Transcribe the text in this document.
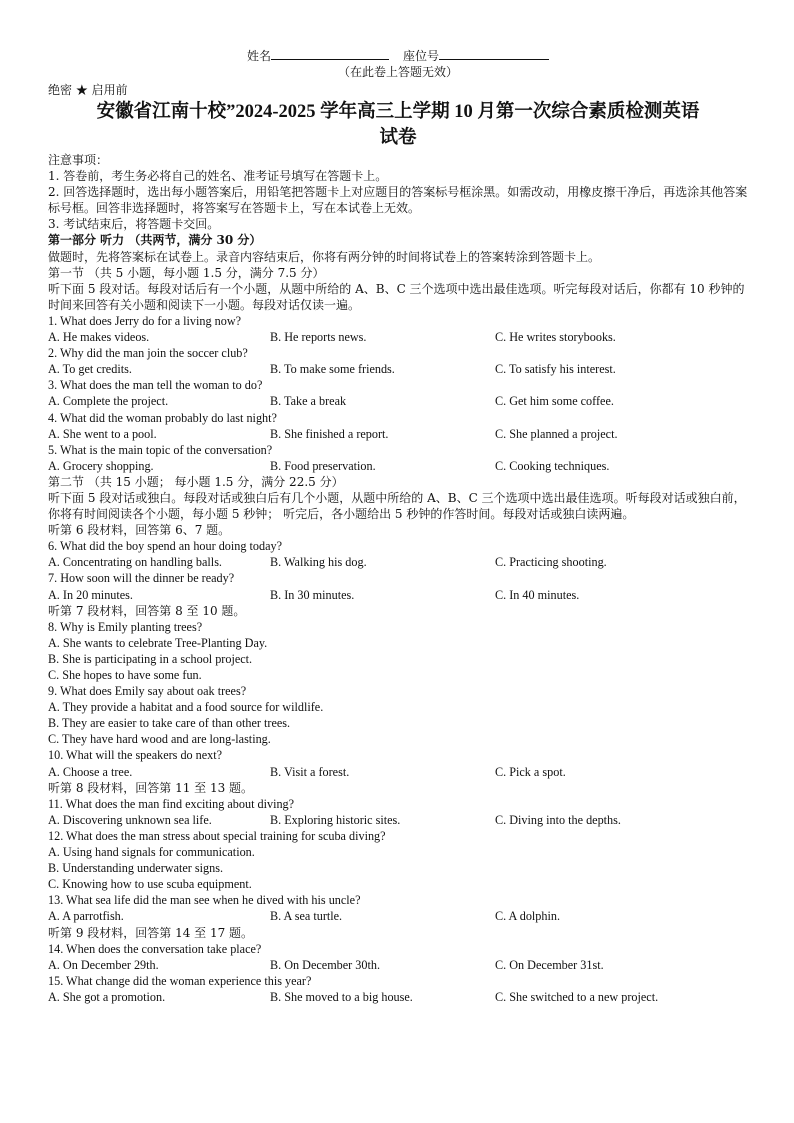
姓名	座位号
（在此卷上答题无效）
绝密 ★ 启用前
安徽省江南十校”2024-2025 学年高三上学期 10 月第一次综合素质检测英语
试卷
注意事项：
1. 答卷前，考生务必将自己的姓名、准考证号填写在答题卡上。
2. 回答选择题时，选出每小题答案后，用铅笔把答题卡上对应题目的答案标号框涂黑。如需改动，用橡皮擦干净后，再选涂其他答案标号框。回答非选择题时，将答案写在答题卡上，写在本试卷上无效。
3. 考试结束后，将答题卡交回。
第一部分 听力 （共两节，满分 30 分）
做题时，先将答案标在试卷上。录音内容结束后，你将有两分钟的时间将试卷上的答案转涂到答题卡上。
第一节 （共 5 小题，每小题 1.5 分，满分 7.5 分）
听下面 5 段对话。每段对话后有一个小题，从题中所给的 A、B、C 三个选项中选出最佳选项。听完每段对话后，你都有 10 秒钟的时间来回答有关小题和阅读下一小题。每段对话仅读一遍。
1. What does Jerry do for a living now?
A. He makes videos.	B. He reports news.	C. He writes storybooks.
2. Why did the man join the soccer club?
A. To get credits.	B. To make some friends.	C. To satisfy his interest.
3. What does the man tell the woman to do?
A. Complete the project.	B. Take a break	C. Get him some coffee.
4. What did the woman probably do last night?
A. She went to a pool.	B. She finished a report.	C. She planned a project.
5. What is the main topic of the conversation?
A. Grocery shopping.	B. Food preservation.	C. Cooking techniques.
第二节 （共 15 小题； 每小题 1.5 分，满分 22.5 分）
听下面 5 段对话或独白。每段对话或独白后有几个小题，从题中所给的 A、B、C 三个选项中选出最佳选项。听每段对话或独白前，你将有时间阅读各个小题，每小题 5 秒钟； 听完后，各小题给出 5 秒钟的作答时间。每段对话或独白读两遍。
听第 6 段材料，回答第 6、7 题。
6. What did the boy spend an hour doing today?
A. Concentrating on handling balls.	B. Walking his dog.	C. Practicing shooting.
7. How soon will the dinner be ready?
A. In 20 minutes.	B. In 30 minutes.	C. In 40 minutes.
听第 7 段材料，回答第 8 至 10 题。
8. Why is Emily planting trees?
A. She wants to celebrate Tree-Planting Day.
B. She is participating in a school project.
C. She hopes to have some fun.
9. What does Emily say about oak trees?
A. They provide a habitat and a food source for wildlife.
B. They are easier to take care of than other trees.
C. They have hard wood and are long-lasting.
10. What will the speakers do next?
A. Choose a tree.	B. Visit a forest.	C. Pick a spot.
听第 8 段材料，回答第 11 至 13 题。
11. What does the man find exciting about diving?
A. Discovering unknown sea life.	B. Exploring historic sites.	C. Diving into the depths.
12. What does the man stress about special training for scuba diving?
A. Using hand signals for communication.
B. Understanding underwater signs.
C. Knowing how to use scuba equipment.
13. What sea life did the man see when he dived with his uncle?
A. A parrotfish.	B. A sea turtle.	C. A dolphin.
听第 9 段材料，回答第 14 至 17 题。
14. When does the conversation take place?
A. On December 29th.	B. On December 30th.	C. On December 31st.
15. What change did the woman experience this year?
A. She got a promotion.	B. She moved to a big house.	C. She switched to a new project.
